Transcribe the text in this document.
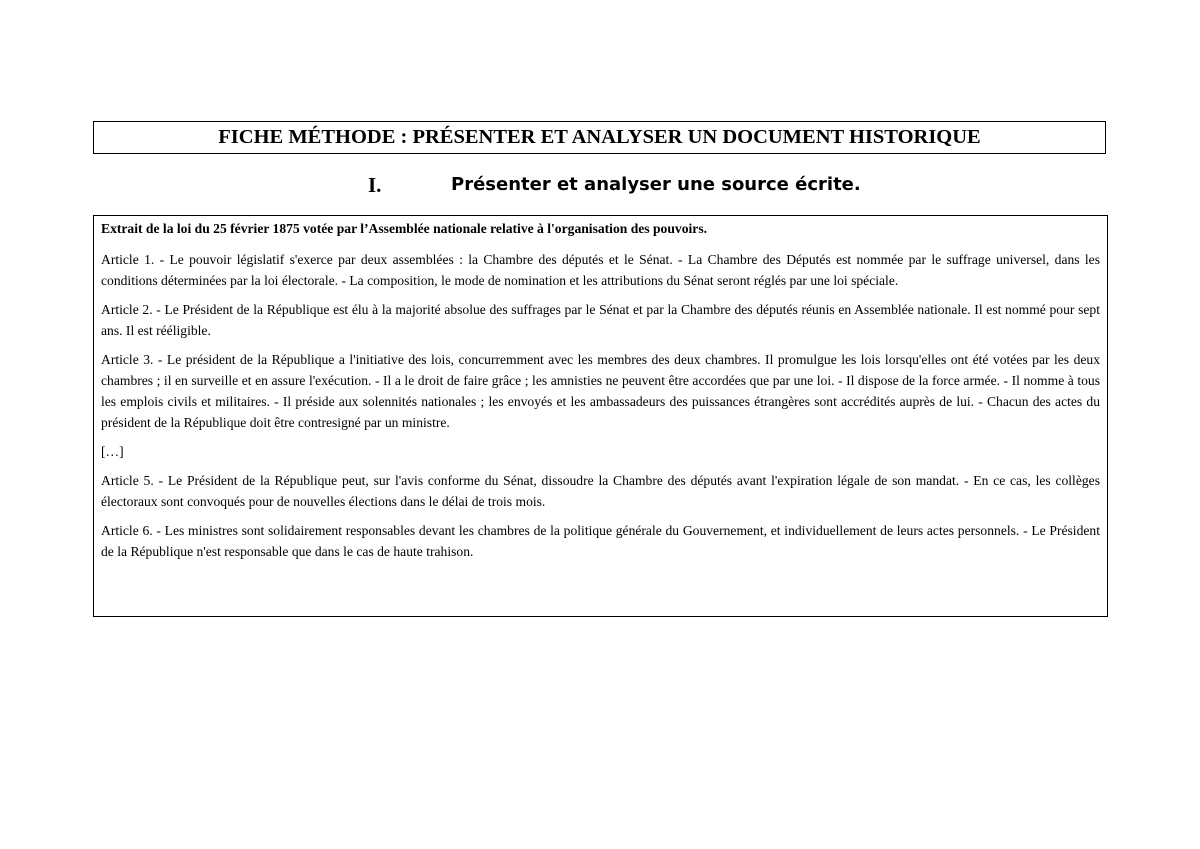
FICHE MÉTHODE : PRÉSENTER ET ANALYSER UN DOCUMENT HISTORIQUE
I.	Présenter et analyser une source écrite.

Extrait de la loi du 25 février 1875 votée par l’Assemblée nationale relative à l'organisation des pouvoirs.

Article 1. - Le pouvoir législatif s'exerce par deux assemblées : la Chambre des députés et le Sénat. - La Chambre des Députés est nommée par le suffrage universel, dans les conditions déterminées par la loi électorale. - La composition, le mode de nomination et les attributions du Sénat seront réglés par une loi spéciale.

Article 2. - Le Président de la République est élu à la majorité absolue des suffrages par le Sénat et par la Chambre des députés réunis en Assemblée nationale. Il est nommé pour sept ans. Il est rééligible.

Article 3. - Le président de la République a l'initiative des lois, concurremment avec les membres des deux chambres. Il promulgue les lois lorsqu'elles ont été votées par les deux chambres ; il en surveille et en assure l'exécution. - Il a le droit de faire grâce ; les amnisties ne peuvent être accordées que par une loi. - Il dispose de la force armée. - Il nomme à tous les emplois civils et militaires. - Il préside aux solennités nationales ; les envoyés et les ambassadeurs des puissances étrangères sont accrédités auprès de lui. - Chacun des actes du président de la République doit être contresigné par un ministre.

[…]

Article 5. - Le Président de la République peut, sur l'avis conforme du Sénat, dissoudre la Chambre des députés avant l'expiration légale de son mandat. - En ce cas, les collèges électoraux sont convoqués pour de nouvelles élections dans le délai de trois mois.

Article 6. - Les ministres sont solidairement responsables devant les chambres de la politique générale du Gouvernement, et individuellement de leurs actes personnels. - Le Président de la République n'est responsable que dans le cas de haute trahison.
